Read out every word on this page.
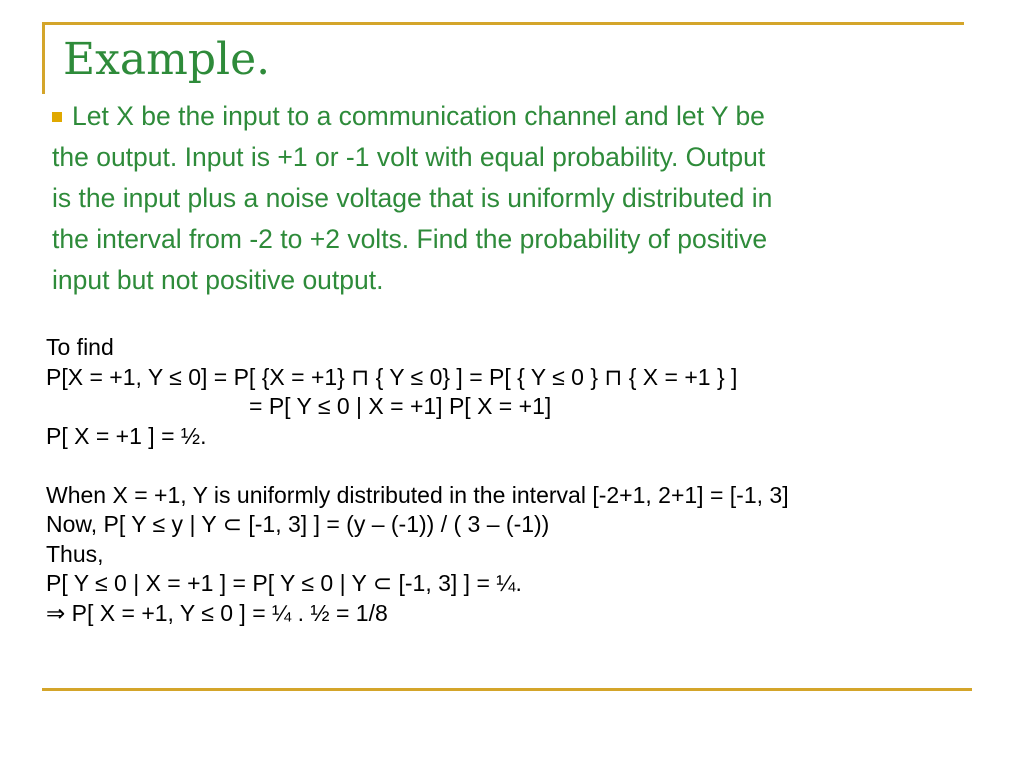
Example.
Let X be the input to a communication channel and let Y be
the output. Input is +1 or -1 volt with equal probability. Output
is the input plus a noise voltage that is uniformly distributed in
the interval from -2 to +2 volts. Find the probability of positive
input but not positive output.
To find
P[X = +1, Y ≤ 0] = P[ {X = +1} ⊓ { Y ≤ 0} ] = P[ { Y ≤ 0 } ⊓ { X = +1 } ]
= P[ Y ≤ 0 | X = +1] P[ X = +1]
P[ X = +1 ] = ½.
When X = +1, Y is uniformly distributed in the interval [-2+1, 2+1] = [-1, 3]
Now, P[ Y ≤ y | Y ⊂ [-1, 3] ] = (y – (-1)) / ( 3 – (-1))
Thus,
P[ Y ≤ 0 | X = +1 ] = P[ Y ≤ 0 | Y ⊂ [-1, 3] ] = ¼.
⇒ P[ X = +1, Y ≤ 0 ] = ¼ . ½ = 1/8
